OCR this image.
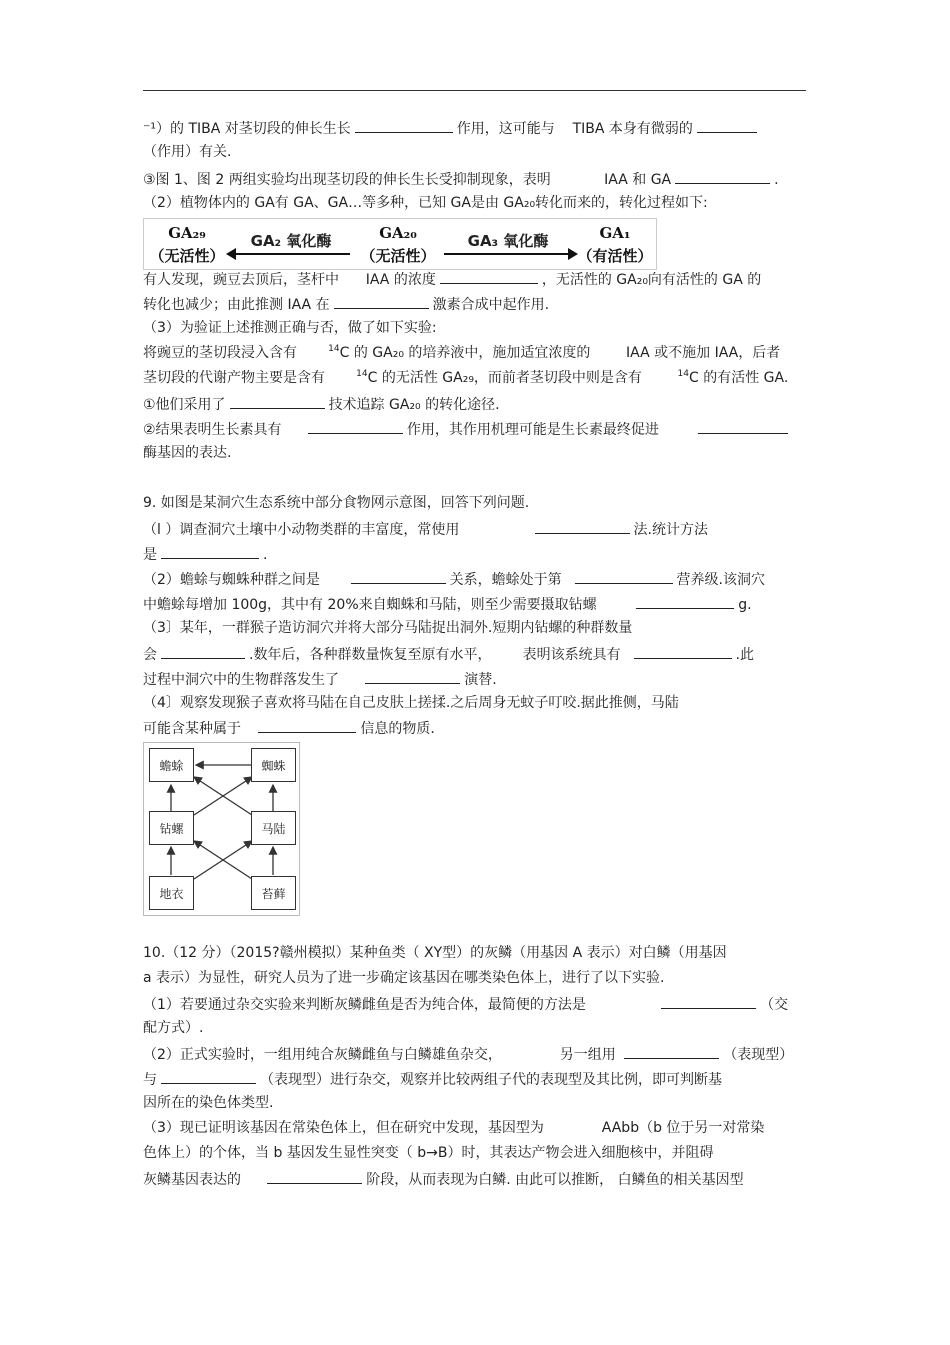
⁻¹）的 TIBA 对茎切段的伸长生长	作用，这可能与 TIBA 本身有微弱的
（作用）有关.
③图 1、图 2 两组实验均出现茎切段的伸长生长受抑制现象，表明	IAA 和 GA	.
（2）植物体内的 GA有 GA、GA…等多种，已知 GA是由 GA₂₀转化而来的，转化过程如下:
GA₂₉
（无活性）
GA₂ 氧化酶	GA₂₀
（无活性）
GA₃ 氧化酶	GA₁
（有活性）
有人发现，豌豆去顶后，茎杆中 IAA 的浓度	，无活性的 GA₂₀向有活性的 GA 的
转化也减少；由此推测 IAA 在	激素合成中起作用.
（3）为验证上述推测正确与否，做了如下实验:
将豌豆的茎切段浸入含有	$^{14}$C 的 GA₂₀ 的培养液中，施加适宜浓度的	IAA 或不施加 IAA，后者
茎切段的代谢产物主要是含有	$^{14}$C 的无活性 GA₂₉，而前者茎切段中则是含有	$^{14}$C 的有活性 GA.
①他们采用了	技术追踪 GA₂₀ 的转化途径.
②结果表明生长素具有	作用，其作用机理可能是生长素最终促进
酶基因的表达.
9. 如图是某洞穴生态系统中部分食物网示意图，回答下列问题.
（l ）调查洞穴土壤中小动物类群的丰富度，常使用	法.统计方法
是	.
（2）蟾蜍与蜘蛛种群之间是	关系，蟾蜍处于第	营养级.该洞穴
中蟾蜍每增加 100g，其中有 20%来自蜘蛛和马陆，则至少需要摄取钻螺	g.
（3〕某年，一群猴子造访洞穴并将大部分马陆捉出洞外.短期内钻螺的种群数量
会	.数年后，各种群数量恢复至原有水平， 表明该系统具有	.此
过程中洞穴中的生物群落发生了	演替.
（4〕观察发现猴子喜欢将马陆在自己皮肤上搓揉.之后周身无蚊子叮咬.据此推侧，马陆
可能含某种属于	信息的物质.
蟾蜍	蜘蛛
钻螺	马陆
地衣	苔藓
10.（12 分）（2015?赣州模拟）某种鱼类（ XY型）的灰鳞（用基因 A 表示）对白鳞（用基因
a 表示）为显性，研究人员为了进一步确定该基因在哪类染色体上，进行了以下实验.
（1）若要通过杂交实验来判断灰鳞雌鱼是否为纯合体，最简便的方法是	（交
配方式）.
（2）正式实验时，一组用纯合灰鳞雌鱼与白鳞雄鱼杂交，	另一组用	（表现型）
与	（表现型）进行杂交，观察并比较两组子代的表现型及其比例，即可判断基
因所在的染色体类型.
（3）现已证明该基因在常染色体上，但在研究中发现，基因型为	AAbb（b 位于另一对常染
色体上）的个体，当 b 基因发生显性突变（ b→B）时，其表达产物会进入细胞核中，并阻碍
灰鳞基因表达的	阶段，从而表现为白鳞. 由此可以推断， 白鳞鱼的相关基因型
